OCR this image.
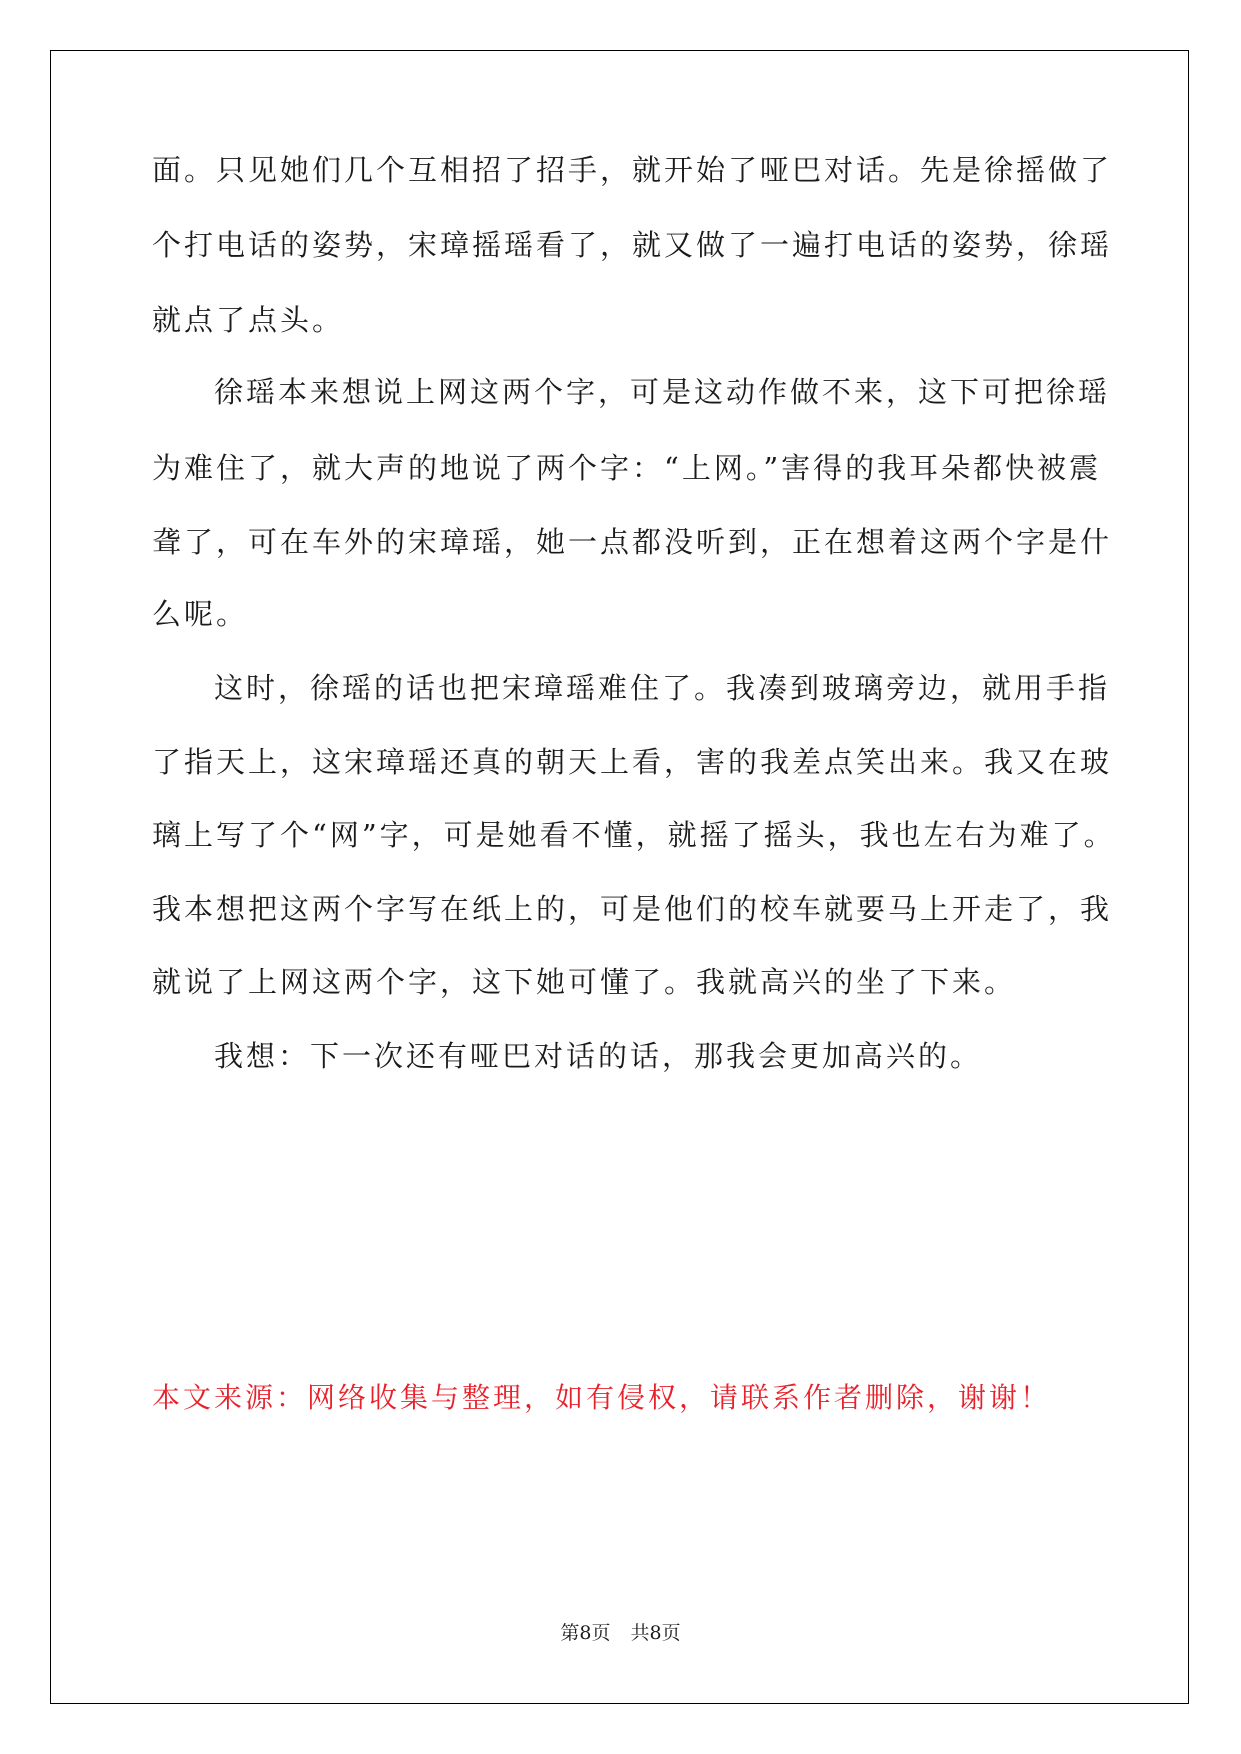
面。只见她们几个互相招了招手，就开始了哑巴对话。先是徐摇做了
个打电话的姿势，宋璋摇瑶看了，就又做了一遍打电话的姿势，徐瑶
就点了点头。
徐瑶本来想说上网这两个字，可是这动作做不来，这下可把徐瑶
为难住了，就大声的地说了两个字：“上网。”害得的我耳朵都快被震
聋了，可在车外的宋璋瑶，她一点都没听到，正在想着这两个字是什
么呢。
这时，徐瑶的话也把宋璋瑶难住了。我凑到玻璃旁边，就用手指
了指天上，这宋璋瑶还真的朝天上看，害的我差点笑出来。我又在玻
璃上写了个“网”字，可是她看不懂，就摇了摇头，我也左右为难了。
我本想把这两个字写在纸上的，可是他们的校车就要马上开走了，我
就说了上网这两个字，这下她可懂了。我就高兴的坐了下来。
我想：下一次还有哑巴对话的话，那我会更加高兴的。
本文来源：网络收集与整理，如有侵权，请联系作者删除，谢谢！
第8页 共8页
